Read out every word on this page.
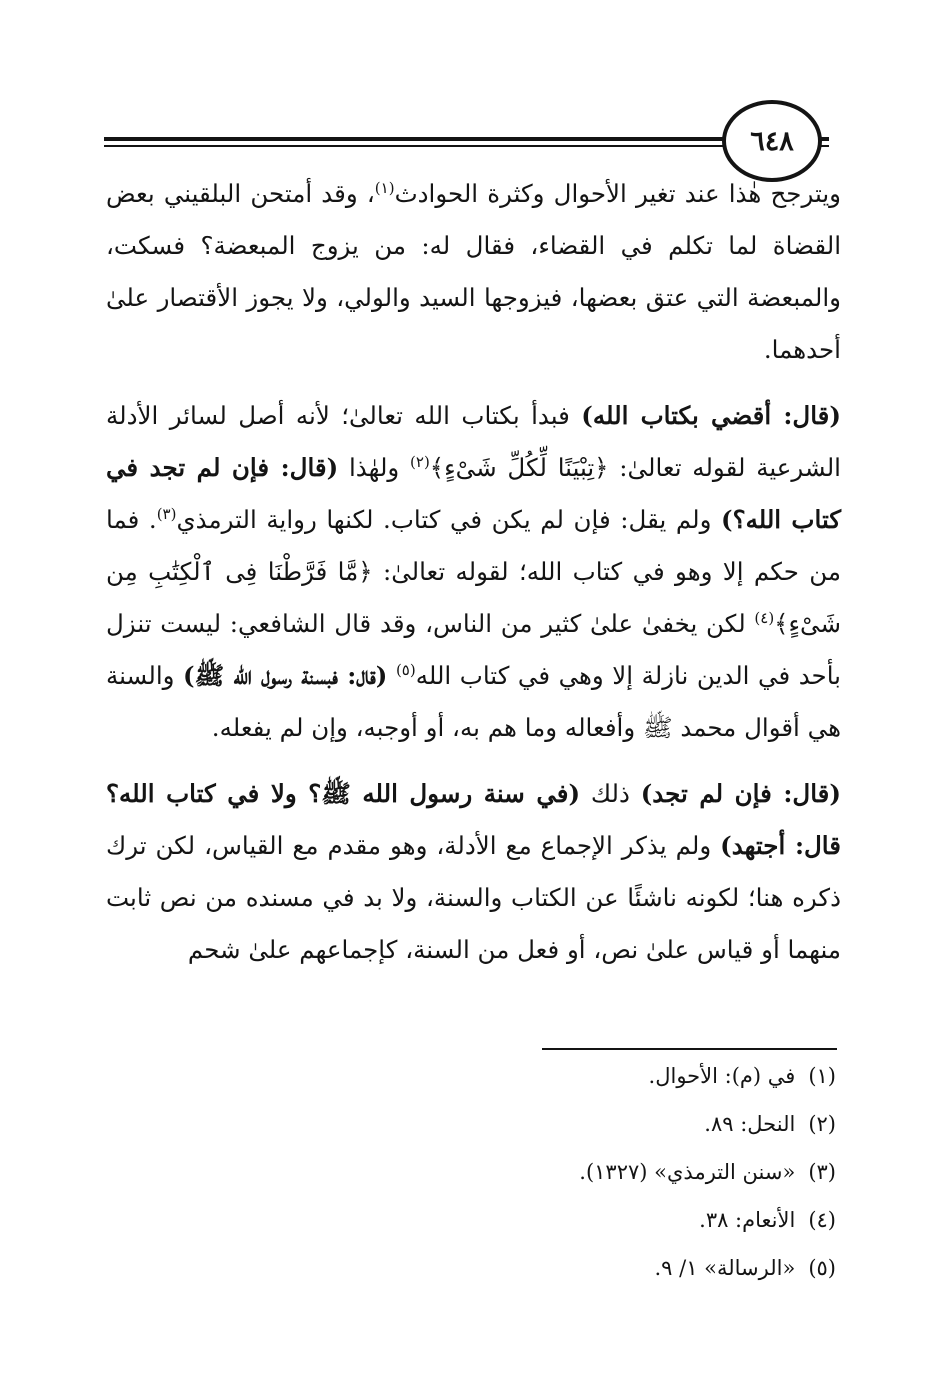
٦٤٨

ويترجح هٰذا عند تغير الأحوال وكثرة الحوادث$^{(١)}$، وقد أمتحن البلقيني بعض القضاة لما تكلم في القضاء، فقال له: من يزوج المبعضة؟ فسكت، والمبعضة التي عتق بعضها، فيزوجها السيد والولي، ولا يجوز الأقتصار علىٰ أحدهما.

(قال: أقضي بكتاب الله) فبدأ بكتاب الله تعالىٰ؛ لأنه أصل لسائر الأدلة الشرعية لقوله تعالىٰ: ﴿تِبْيَنًا لِّكُلِّ شَىْءٍ﴾$^{(٢)}$ ولهٰذا (قال: فإن لم تجد في كتاب الله؟) ولم يقل: فإن لم يكن في كتاب. لكنها رواية الترمذي$^{(٣)}$. فما من حكم إلا وهو في كتاب الله؛ لقوله تعالىٰ: ﴿مَّا فَرَّطْنَا فِى ٱلْكِتَٰبِ مِن شَىْءٍ﴾$^{(٤)}$ لكن يخفىٰ علىٰ كثير من الناس، وقد قال الشافعي: ليست تنزل بأحد في الدين نازلة إلا وهي في كتاب الله$^{(٥)}$ (قال: فبسنة رسول الله ﷺ) والسنة هي أقوال محمد ﷺ وأفعاله وما هم به، أو أوجبه، وإن لم يفعله.

(قال: فإن لم تجد) ذلك (في سنة رسول الله ﷺ؟ ولا في كتاب الله؟ قال: أجتهد) ولم يذكر الإجماع مع الأدلة، وهو مقدم مع القياس، لكن ترك ذكره هنا؛ لكونه ناشئًا عن الكتاب والسنة، ولا بد في مسنده من نص ثابت منهما أو قياس علىٰ نص، أو فعل من السنة، كإجماعهم علىٰ شحم

(١) في (م): الأحوال.
(٢) النحل: ٨٩.
(٣) «سنن الترمذي» (١٣٢٧).
(٤) الأنعام: ٣٨.
(٥) «الرسالة» ١/ ٩.
